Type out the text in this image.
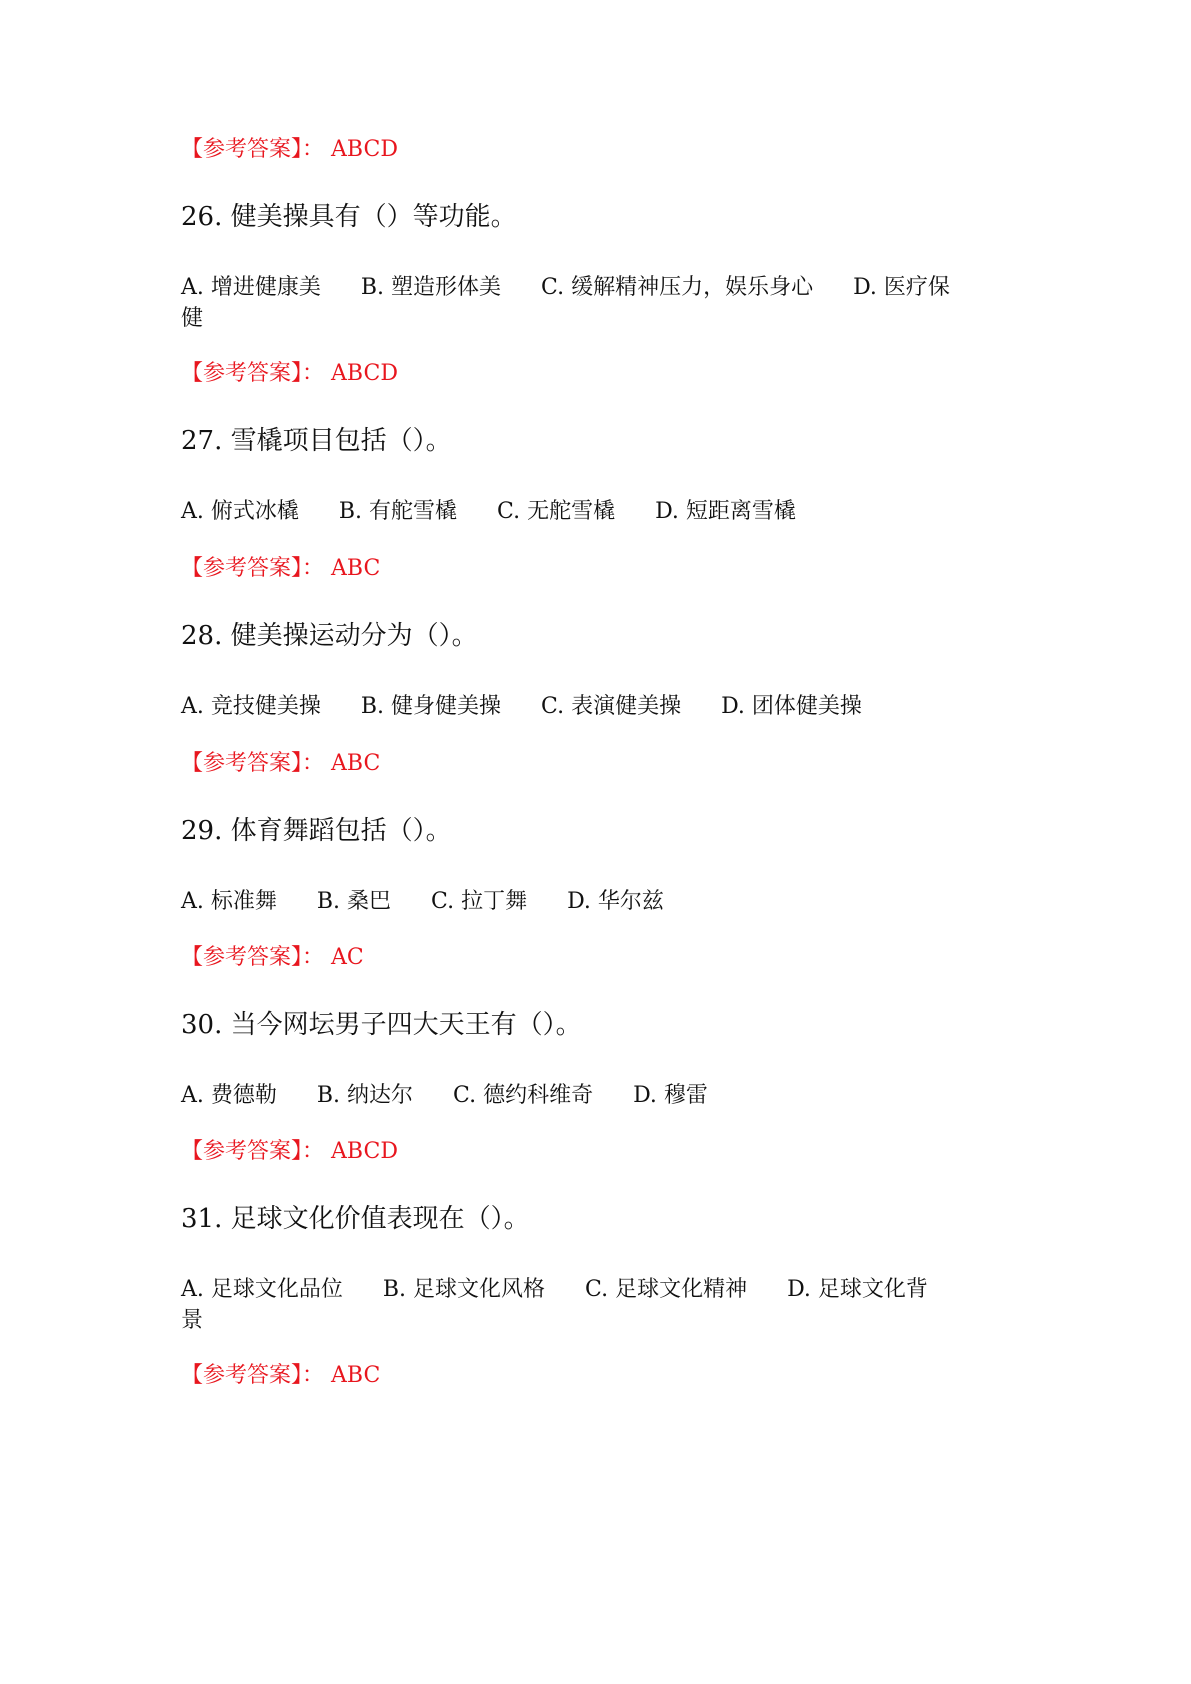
【参考答案】： ABCD
26. 健美操具有（）等功能。
A. 增进健康美 B. 塑造形体美 C. 缓解精神压力，娱乐身心 D. 医疗保
健
【参考答案】： ABCD
27. 雪橇项目包括（）。
A. 俯式冰橇 B. 有舵雪橇 C. 无舵雪橇 D. 短距离雪橇
【参考答案】： ABC
28. 健美操运动分为（）。
A. 竞技健美操 B. 健身健美操 C. 表演健美操 D. 团体健美操
【参考答案】： ABC
29. 体育舞蹈包括（）。
A. 标准舞 B. 桑巴 C. 拉丁舞 D. 华尔兹
【参考答案】： AC
30. 当今网坛男子四大天王有（）。
A. 费德勒 B. 纳达尔 C. 德约科维奇 D. 穆雷
【参考答案】： ABCD
31. 足球文化价值表现在（）。
A. 足球文化品位 B. 足球文化风格 C. 足球文化精神 D. 足球文化背
景
【参考答案】： ABC
